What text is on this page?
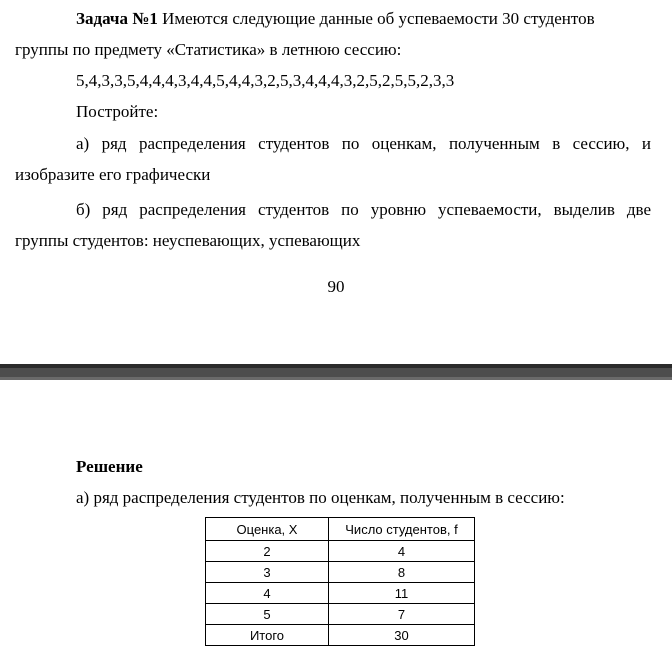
Задача №1 Имеются следующие данные об успеваемости 30 студентов

группы по предмету «Статистика» в летнюю сессию:

5,4,3,3,5,4,4,4,3,4,4,5,4,4,3,2,5,3,4,4,4,3,2,5,2,5,5,2,3,3

Постройте:

а) ряд распределения студентов по оценкам, полученным в сессию, и

изобразите его графически

б) ряд распределения студентов по уровню успеваемости, выделив две

группы студентов: неуспевающих, успевающих

90

Решение

а) ряд распределения студентов по оценкам, полученным в сессию:

Оценка, X	Число студентов, f
2	4
3	8
4	11
5	7
Итого	30
